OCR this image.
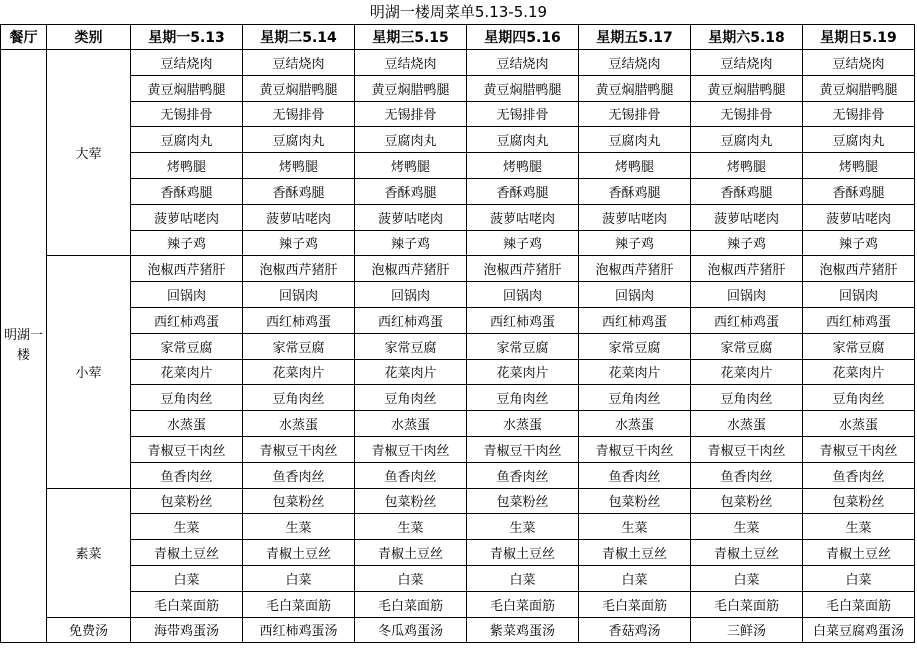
明湖一楼周菜单5.13-5.19
餐厅	类别	星期一5.13	星期二5.14	星期三5.15	星期四5.16	星期五5.17	星期六5.18	星期日5.19
明湖一楼	大荤	豆结烧肉	豆结烧肉	豆结烧肉	豆结烧肉	豆结烧肉	豆结烧肉	豆结烧肉
		黄豆焖腊鸭腿	黄豆焖腊鸭腿	黄豆焖腊鸭腿	黄豆焖腊鸭腿	黄豆焖腊鸭腿	黄豆焖腊鸭腿	黄豆焖腊鸭腿
		无锡排骨	无锡排骨	无锡排骨	无锡排骨	无锡排骨	无锡排骨	无锡排骨
		豆腐肉丸	豆腐肉丸	豆腐肉丸	豆腐肉丸	豆腐肉丸	豆腐肉丸	豆腐肉丸
		烤鸭腿	烤鸭腿	烤鸭腿	烤鸭腿	烤鸭腿	烤鸭腿	烤鸭腿
		香酥鸡腿	香酥鸡腿	香酥鸡腿	香酥鸡腿	香酥鸡腿	香酥鸡腿	香酥鸡腿
		菠萝咕咾肉	菠萝咕咾肉	菠萝咕咾肉	菠萝咕咾肉	菠萝咕咾肉	菠萝咕咾肉	菠萝咕咾肉
		辣子鸡	辣子鸡	辣子鸡	辣子鸡	辣子鸡	辣子鸡	辣子鸡
	小荤	泡椒西芹猪肝	泡椒西芹猪肝	泡椒西芹猪肝	泡椒西芹猪肝	泡椒西芹猪肝	泡椒西芹猪肝	泡椒西芹猪肝
		回锅肉	回锅肉	回锅肉	回锅肉	回锅肉	回锅肉	回锅肉
		西红柿鸡蛋	西红柿鸡蛋	西红柿鸡蛋	西红柿鸡蛋	西红柿鸡蛋	西红柿鸡蛋	西红柿鸡蛋
		家常豆腐	家常豆腐	家常豆腐	家常豆腐	家常豆腐	家常豆腐	家常豆腐
		花菜肉片	花菜肉片	花菜肉片	花菜肉片	花菜肉片	花菜肉片	花菜肉片
		豆角肉丝	豆角肉丝	豆角肉丝	豆角肉丝	豆角肉丝	豆角肉丝	豆角肉丝
		水蒸蛋	水蒸蛋	水蒸蛋	水蒸蛋	水蒸蛋	水蒸蛋	水蒸蛋
		青椒豆干肉丝	青椒豆干肉丝	青椒豆干肉丝	青椒豆干肉丝	青椒豆干肉丝	青椒豆干肉丝	青椒豆干肉丝
		鱼香肉丝	鱼香肉丝	鱼香肉丝	鱼香肉丝	鱼香肉丝	鱼香肉丝	鱼香肉丝
	素菜	包菜粉丝	包菜粉丝	包菜粉丝	包菜粉丝	包菜粉丝	包菜粉丝	包菜粉丝
		生菜	生菜	生菜	生菜	生菜	生菜	生菜
		青椒土豆丝	青椒土豆丝	青椒土豆丝	青椒土豆丝	青椒土豆丝	青椒土豆丝	青椒土豆丝
		白菜	白菜	白菜	白菜	白菜	白菜	白菜
		毛白菜面筋	毛白菜面筋	毛白菜面筋	毛白菜面筋	毛白菜面筋	毛白菜面筋	毛白菜面筋
	免费汤	海带鸡蛋汤	西红柿鸡蛋汤	冬瓜鸡蛋汤	紫菜鸡蛋汤	香菇鸡汤	三鲜汤	白菜豆腐鸡蛋汤
